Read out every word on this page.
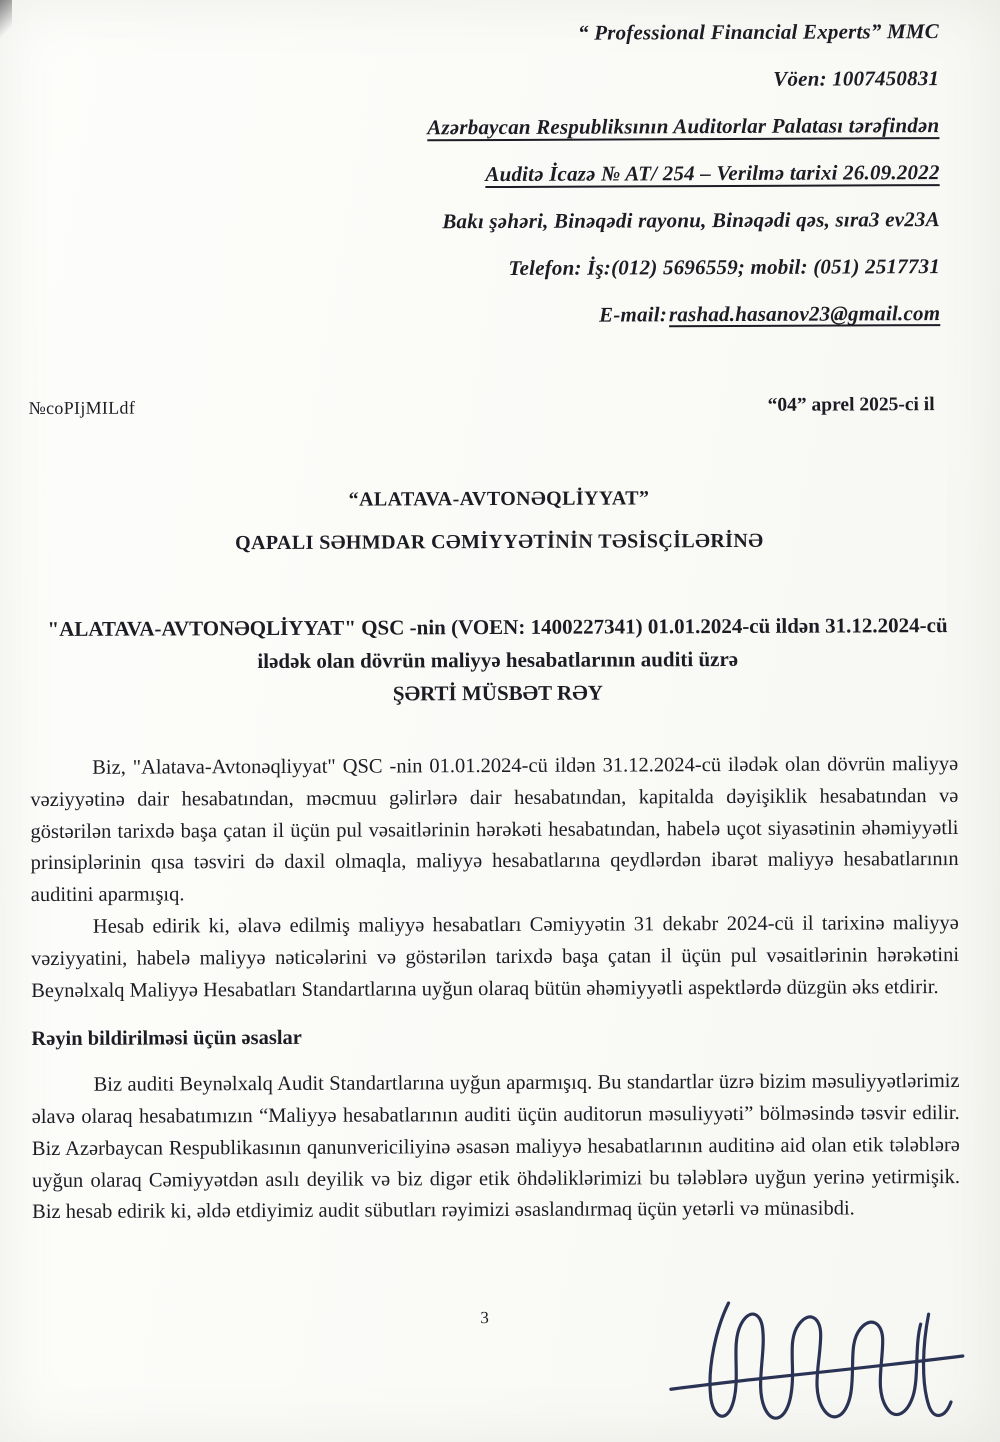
“ Professional Financial Experts” MMC
Vöen: 1007450831
Azərbaycan Respubliksının Auditorlar Palatası tərəfindən
Auditə İcazə № AT/ 254 – Verilmə tarixi 26.09.2022
Bakı şəhəri, Binəqədi rayonu, Binəqədi qəs, sıra3 ev23A
Telefon: İş:(012) 5696559; mobil: (051) 2517731
E-mail:rashad.hasanov23@gmail.com
№coPIjMILdf	“04” aprel 2025-ci il
“ALATAVA-AVTONƏQLİYYAT”
QAPALI SƏHMDAR CƏMİYYƏTİNİN TƏSİSÇİLƏRİNƏ
"ALATAVA-AVTONƏQLİYYAT" QSC -nin (VOEN: 1400227341) 01.01.2024-cü ildən 31.12.2024-cü ilədək olan dövrün maliyyə hesabatlarının auditi üzrə
ŞƏRTİ MÜSBƏT RƏY

Biz, "Alatava-Avtonəqliyyat" QSC -nin 01.01.2024-cü ildən 31.12.2024-cü ilədək olan dövrün maliyyə vəziyyətinə dair hesabatından, məcmuu gəlirlərə dair hesabatından, kapitalda dəyişiklik hesabatından və göstərilən tarixdə başa çatan il üçün pul vəsaitlərinin hərəkəti hesabatından, habelə uçot siyasətinin əhəmiyyətli prinsiplərinin qısa təsviri də daxil olmaqla, maliyyə hesabatlarına qeydlərdən ibarət maliyyə hesabatlarının auditini aparmışıq.

Hesab edirik ki, əlavə edilmiş maliyyə hesabatları Cəmiyyətin 31 dekabr 2024-cü il tarixinə maliyyə vəziyyatini, habelə maliyyə nəticələrini və göstərilən tarixdə başa çatan il üçün pul vəsaitlərinin hərəkətini Beynəlxalq Maliyyə Hesabatları Standartlarına uyğun olaraq bütün əhəmiyyətli aspektlərdə düzgün əks etdirir.

Rəyin bildirilməsi üçün əsaslar

Biz auditi Beynəlxalq Audit Standartlarına uyğun aparmışıq. Bu standartlar üzrə bizim məsuliyyətlərimiz əlavə olaraq hesabatımızın “Maliyyə hesabatlarının auditi üçün auditorun məsuliyyəti” bölməsində təsvir edilir. Biz Azərbaycan Respublikasının qanunvericiliyinə əsasən maliyyə hesabatlarının auditinə aid olan etik tələblərə uyğun olaraq Cəmiyyətdən asılı deyilik və biz digər etik öhdəliklərimizi bu tələblərə uyğun yerinə yetirmişik. Biz hesab edirik ki, əldə etdiyimiz audit sübutları rəyimizi əsaslandırmaq üçün yetərli və münasibdi.

3
